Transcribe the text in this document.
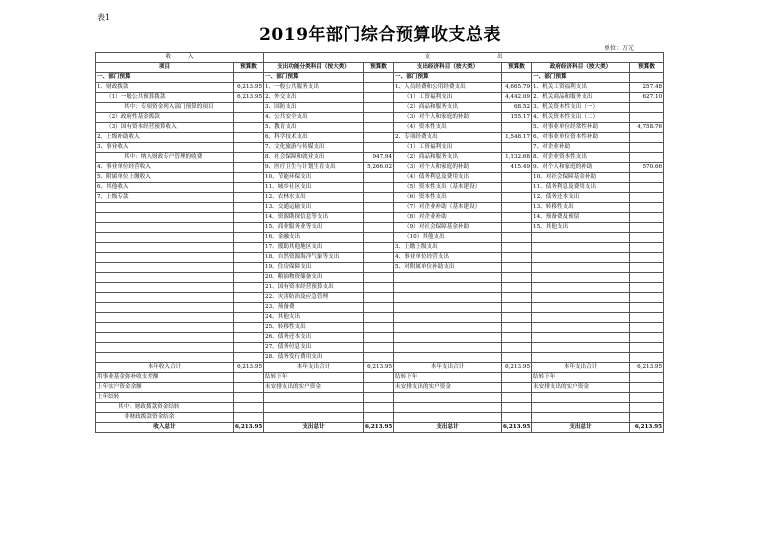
表1
2019年部门综合预算收支总表
单位：万元
收　　　入		支　　　　　　　　　　　　出					
项目	预算数	支出功能分类科目（按大类）	预算数	支出经济科目（按大类）	预算数	政府经济科目（按大类）	预算数
一、部门预算		一、部门预算		一、部门预算		一、部门预算	
1、财政拨款	6,213.95	1、一般公共服务支出		1、人员经费和公用经费支出	4,665.79	1、机关工资福利支出	257.48
（1）一般公共预算拨款	6,213.95	2、外交支出		（1）工资福利支出	4,442.09	2、机关商品和服务支出	627.10
其中：专项资金列入部门预算的项目		3、国防支出		（2）商品和服务支出	68.52	3、机关资本性支出（一）	
（2）政府性基金拨款		4、公共安全支出		（3）对个人和家庭的补助	155.17	4、机关资本性支出（二）	
（3）国有资本经营预算收入		5、教育支出		（4）资本性支出		5、对事业单位经常性补助	4,758.76
2、上级补助收入		6、科学技术支出		2、专项经费支出	1,548.17	6、对事业单位资本性补助	
3、事业收入		7、文化旅游与传媒支出		（1）工资福利支出		7、对企业补助	
其中：纳入财政专户管理的收费		8、社会保障和就业支出	947.94	（2）商品和服务支出	1,132.68	8、对企业资本性支出	
4、事业单位经营收入		9、医疗卫生与计划生育支出	5,266.02	（3）对个人和家庭的补助	415.49	9、对个人和家庭的补助	570.66
5、附属单位上缴收入		10、节能环保支出		（4）债务利息及费用支出		10、对社会保障基金补助	
6、其他收入		11、城乡社区支出		（5）资本性支出（基本建设）		11、债务利息及费用支出	
7、上级专款		12、农林水支出		（6）资本性支出		12、债务还本支出	
		13、交通运输支出		（7）对企业补助（基本建设）		13、转移性支出	
		14、资源勘探信息等支出		（8）对企业补助		14、预备费及预留	
		15、商业服务业等支出		（9）对社会保障基金补助		15、其他支出	
		16、金融支出		（10）其他支出			
		17、援助其他地区支出		3、上缴上级支出			
		18、自然资源海洋气象等支出		4、事业单位经营支出			
		19、住房保障支出		5、对附属单位补助支出			
		20、粮油物资储备支出					
		21、国有资本经营预算支出					
		22、灾害防治及应急管理					
		23、预备费					
		24、其他支出					
		25、转移性支出					
		26、债务还本支出					
		27、债务付息支出					
		28、债务发行费用支出					
本年收入合计	6,213.95	本年支出合计	6,213.95	本年支出合计	6,213.95	本年支出合计	6,213.95
用事业基金弥补收支差额		结转下年		结转下年		结转下年	
上年实户资金余额		未安排支出的实户资金		未安排支出的实户资金		未安排支出的实户资金	
上年结转							
其中：财政拨款资金结转							
非财政拨款资金结余							
收入总计	6,213.95	支出总计	6,213.95	支出总计	6,213.95	支出总计	6,213.95
